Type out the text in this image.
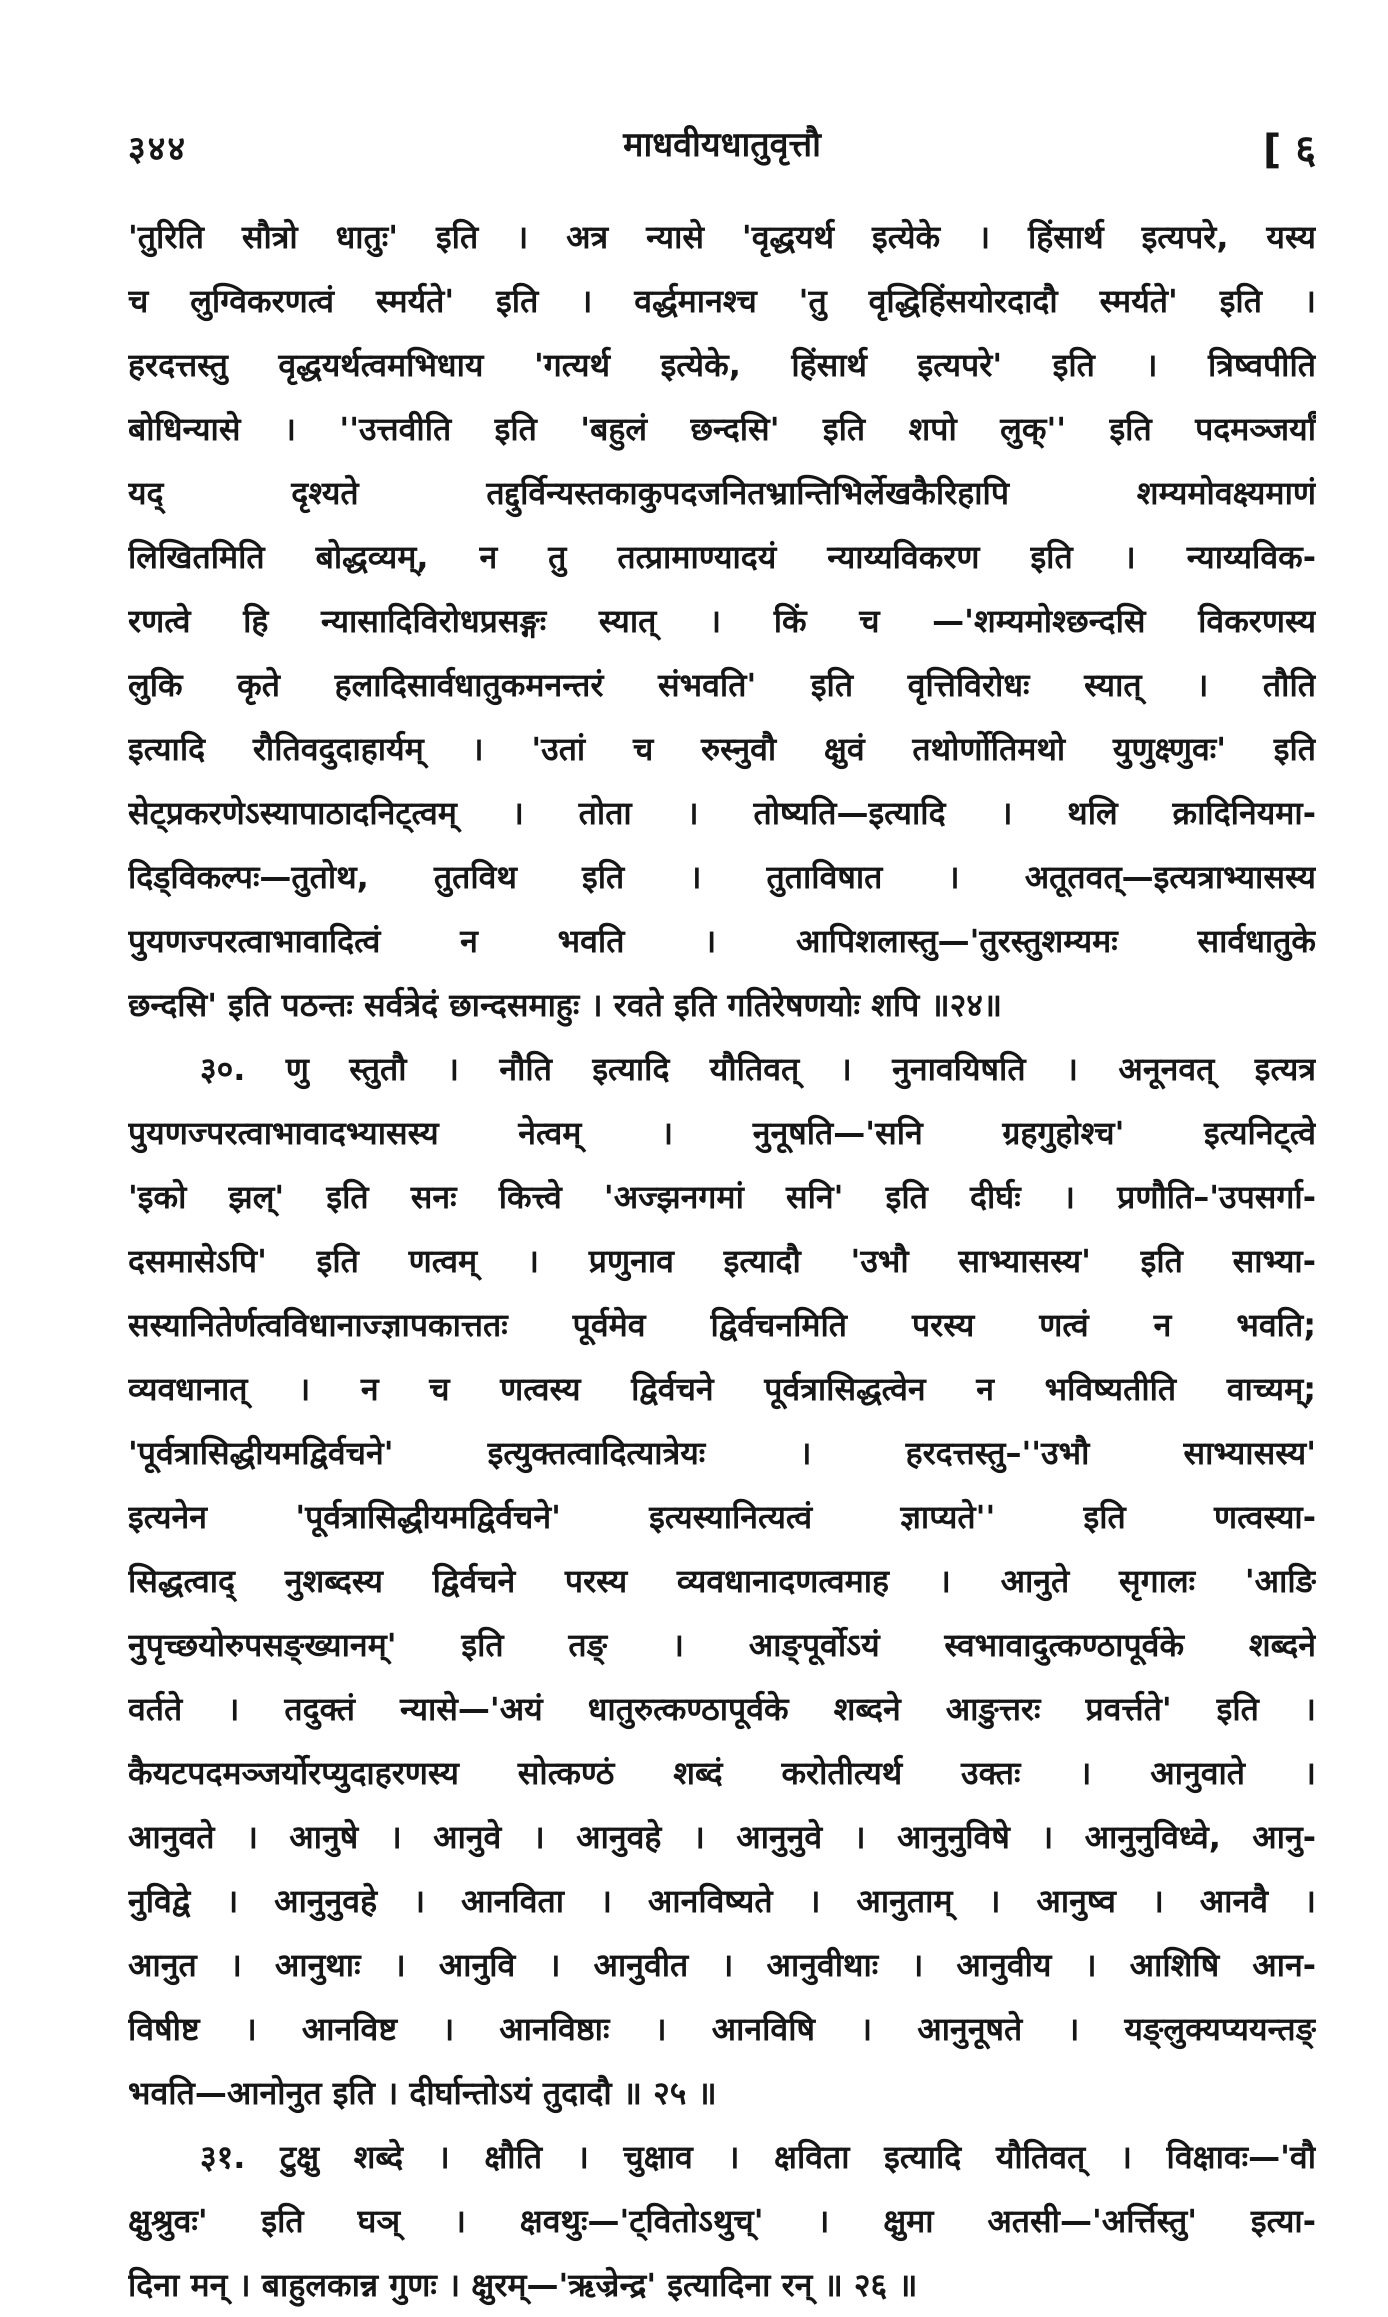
३४४	माधवीयधातुवृत्तौ	[ ६
'तुरिति सौत्रो धातुः' इति । अत्र न्यासे 'वृद्धयर्थ इत्येके । हिंसार्थ इत्यपरे, यस्य
च लुग्विकरणत्वं स्मर्यते' इति । वर्द्धमानश्च 'तु वृद्धिहिंसयोरदादौ स्मर्यते' इति ।
हरदत्तस्तु वृद्धयर्थत्वमभिधाय 'गत्यर्थ इत्येके, हिंसार्थ इत्यपरे' इति । त्रिष्वपीति
बोधिन्यासे । ''उत्तवीति इति 'बहुलं छन्दसि' इति शपो लुक्'' इति पदमञ्जर्यां
यद् दृश्यते तद्दुर्विन्यस्तकाकुपदजनितभ्रान्तिभिर्लेखकैरिहापि शम्यमोवक्ष्यमाणं
लिखितमिति बोद्धव्यम्, न तु तत्प्रामाण्यादयं न्याय्यविकरण इति । न्याय्यविक-
रणत्वे हि न्यासादिविरोधप्रसङ्गः स्यात् । किं च —'शम्यमोश्छन्दसि विकरणस्य
लुकि कृते हलादिसार्वधातुकमनन्तरं संभवति' इति वृत्तिविरोधः स्यात् । तौति
इत्यादि रौतिवदुदाहार्यम् । 'उतां च रुस्नुवौ क्षुवं तथोर्णोतिमथो युणुक्ष्णुवः' इति
सेट्प्रकरणेऽस्यापाठादनिट्त्वम् । तोता । तोष्यति—इत्यादि । थलि क्रादिनियमा-
दिड्विकल्पः—तुतोथ, तुतविथ इति । तुताविषात । अतूतवत्—इत्यत्राभ्यासस्य
पुयणज्परत्वाभावादित्वं न भवति । आपिशलास्तु—'तुरस्तुशम्यमः सार्वधातुके
छन्दसि' इति पठन्तः सर्वत्रेदं छान्दसमाहुः । रवते इति गतिरेषणयोः शपि ॥२४॥
३०. णु स्तुतौ । नौति इत्यादि यौतिवत् । नुनावयिषति । अनूनवत् इत्यत्र
पुयणज्परत्वाभावादभ्यासस्य नेत्वम् । नुनूषति—'सनि ग्रहगुहोश्च' इत्यनिट्त्वे
'इको झल्' इति सनः कित्त्वे 'अज्झनगमां सनि' इति दीर्घः । प्रणौति–'उपसर्गा-
दसमासेऽपि' इति णत्वम् । प्रणुनाव इत्यादौ 'उभौ साभ्यासस्य' इति साभ्या-
सस्यानितेर्णत्वविधानाज्ज्ञापकात्ततः पूर्वमेव द्विर्वचनमिति परस्य णत्वं न भवति;
व्यवधानात् । न च णत्वस्य द्विर्वचने पूर्वत्रासिद्धत्वेन न भविष्यतीति वाच्यम्;
'पूर्वत्रासिद्धीयमद्विर्वचने' इत्युक्तत्वादित्यात्रेयः । हरदत्तस्तु–''उभौ साभ्यासस्य'
इत्यनेन 'पूर्वत्रासिद्धीयमद्विर्वचने' इत्यस्यानित्यत्वं ज्ञाप्यते'' इति णत्वस्या-
सिद्धत्वाद् नुशब्दस्य द्विर्वचने परस्य व्यवधानादणत्वमाह । आनुते सृगालः 'आङि
नुपृच्छयोरुपसङ्ख्यानम्' इति तङ् । आङ्पूर्वोऽयं स्वभावादुत्कण्ठापूर्वके शब्दने
वर्तते । तदुक्तं न्यासे—'अयं धातुरुत्कण्ठापूर्वके शब्दने आङुत्तरः प्रवर्त्तते' इति ।
कैयटपदमञ्जर्योरप्युदाहरणस्य सोत्कण्ठं शब्दं करोतीत्यर्थ उक्तः । आनुवाते ।
आनुवते । आनुषे । आनुवे । आनुवहे । आनुनुवे । आनुनुविषे । आनुनुविध्वे, आनु-
नुविद्वे । आनुनुवहे । आनविता । आनविष्यते । आनुताम् । आनुष्व । आनवै ।
आनुत । आनुथाः । आनुवि । आनुवीत । आनुवीथाः । आनुवीय । आशिषि आन-
विषीष्ट । आनविष्ट । आनविष्ठाः । आनविषि । आनुनूषते । यङ्लुक्यप्ययन्तङ्
भवति—आनोनुत इति । दीर्घान्तोऽयं तुदादौ ॥ २५ ॥
३१. टुक्षु शब्दे । क्षौति । चुक्षाव । क्षविता इत्यादि यौतिवत् । विक्षावः—'वौ
क्षुश्रुवः' इति घञ् । क्षवथुः—'ट्वितोऽथुच्' । क्षुमा अतसी—'अर्त्तिस्तु' इत्या-
दिना मन् । बाहुलकान्न गुणः । क्षुरम्—'ऋज्रेन्द्र' इत्यादिना रन् ॥ २६ ॥
